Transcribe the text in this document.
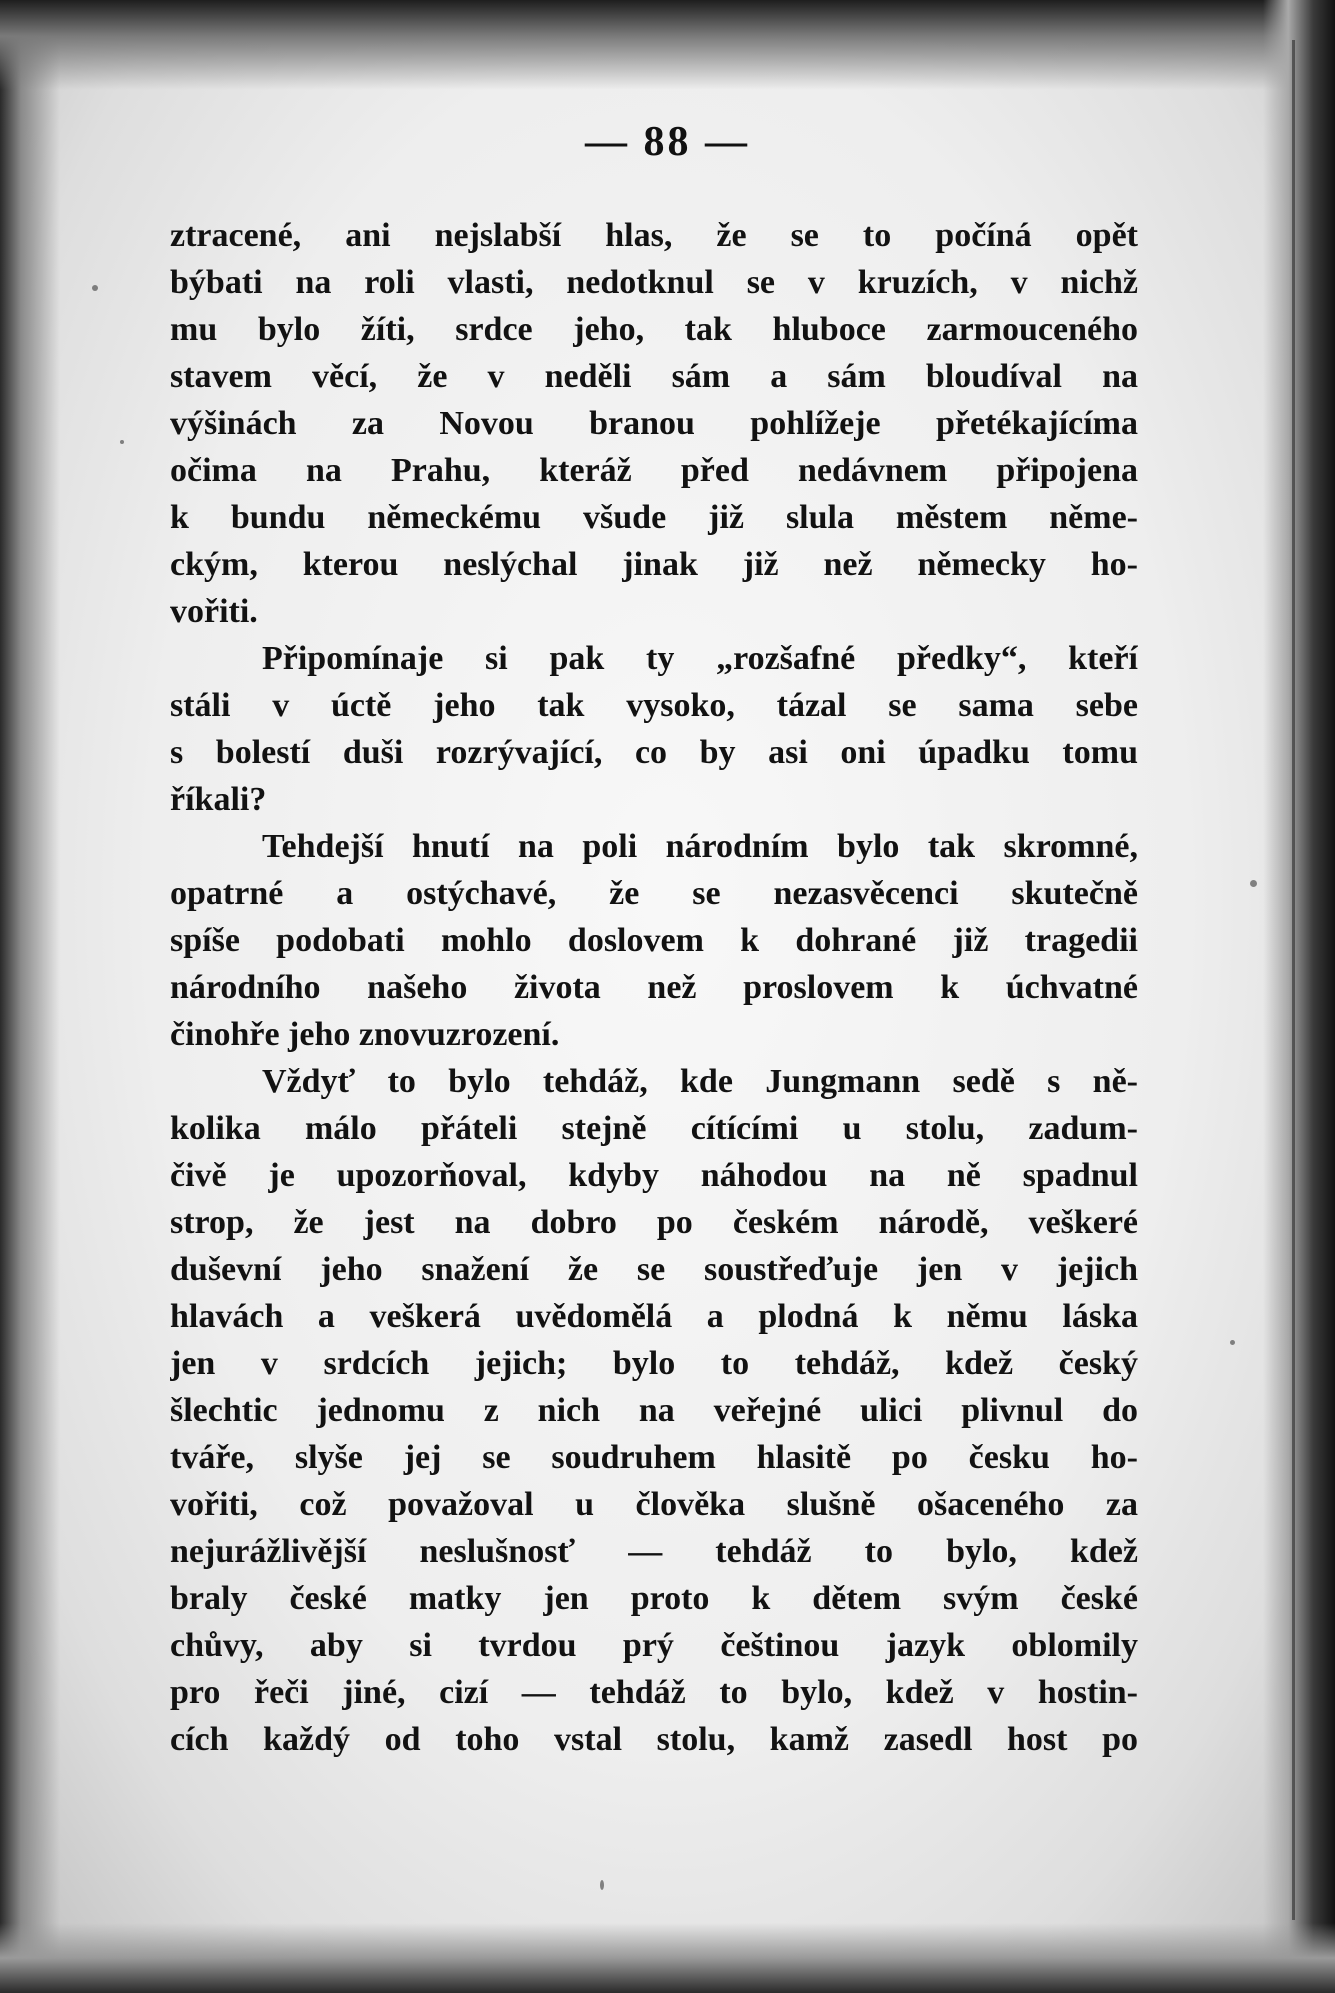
— 88 —
ztracené, ani nejslabší hlas, že se to počíná opět
býbati na roli vlasti, nedotknul se v kruzích, v nichž
mu bylo žíti, srdce jeho, tak hluboce zarmouceného
stavem věcí, že v neděli sám a sám bloudíval na
výšinách za Novou branou pohlížeje přetékajícíma
očima na Prahu, kteráž před nedávnem připojena
k bundu německému všude již slula městem něme-
ckým, kterou neslýchal jinak již než německy ho-
vořiti.
Připomínaje si pak ty „rozšafné předky“, kteří
stáli v úctě jeho tak vysoko, tázal se sama sebe
s bolestí duši rozrývající, co by asi oni úpadku tomu
říkali?
Tehdejší hnutí na poli národním bylo tak skromné,
opatrné a ostýchavé, že se nezasvěcenci skutečně
spíše podobati mohlo doslovem k dohrané již tragedii
národního našeho života než proslovem k úchvatné
činohře jeho znovuzrození.
Vždyť to bylo tehdáž, kde Jungmann sedě s ně-
kolika málo přáteli stejně cítícími u stolu, zadum-
čivě je upozorňoval, kdyby náhodou na ně spadnul
strop, že jest na dobro po českém národě, veškeré
duševní jeho snažení že se soustřeďuje jen v jejich
hlavách a veškerá uvědomělá a plodná k němu láska
jen v srdcích jejich; bylo to tehdáž, kdež český
šlechtic jednomu z nich na veřejné ulici plivnul do
tváře, slyše jej se soudruhem hlasitě po česku ho-
vořiti, což považoval u člověka slušně ošaceného za
nejurážlivější neslušnosť — tehdáž to bylo, kdež
braly české matky jen proto k dětem svým české
chůvy, aby si tvrdou prý češtinou jazyk oblomily
pro řeči jiné, cizí — tehdáž to bylo, kdež v hostin-
cích každý od toho vstal stolu, kamž zasedl host po
